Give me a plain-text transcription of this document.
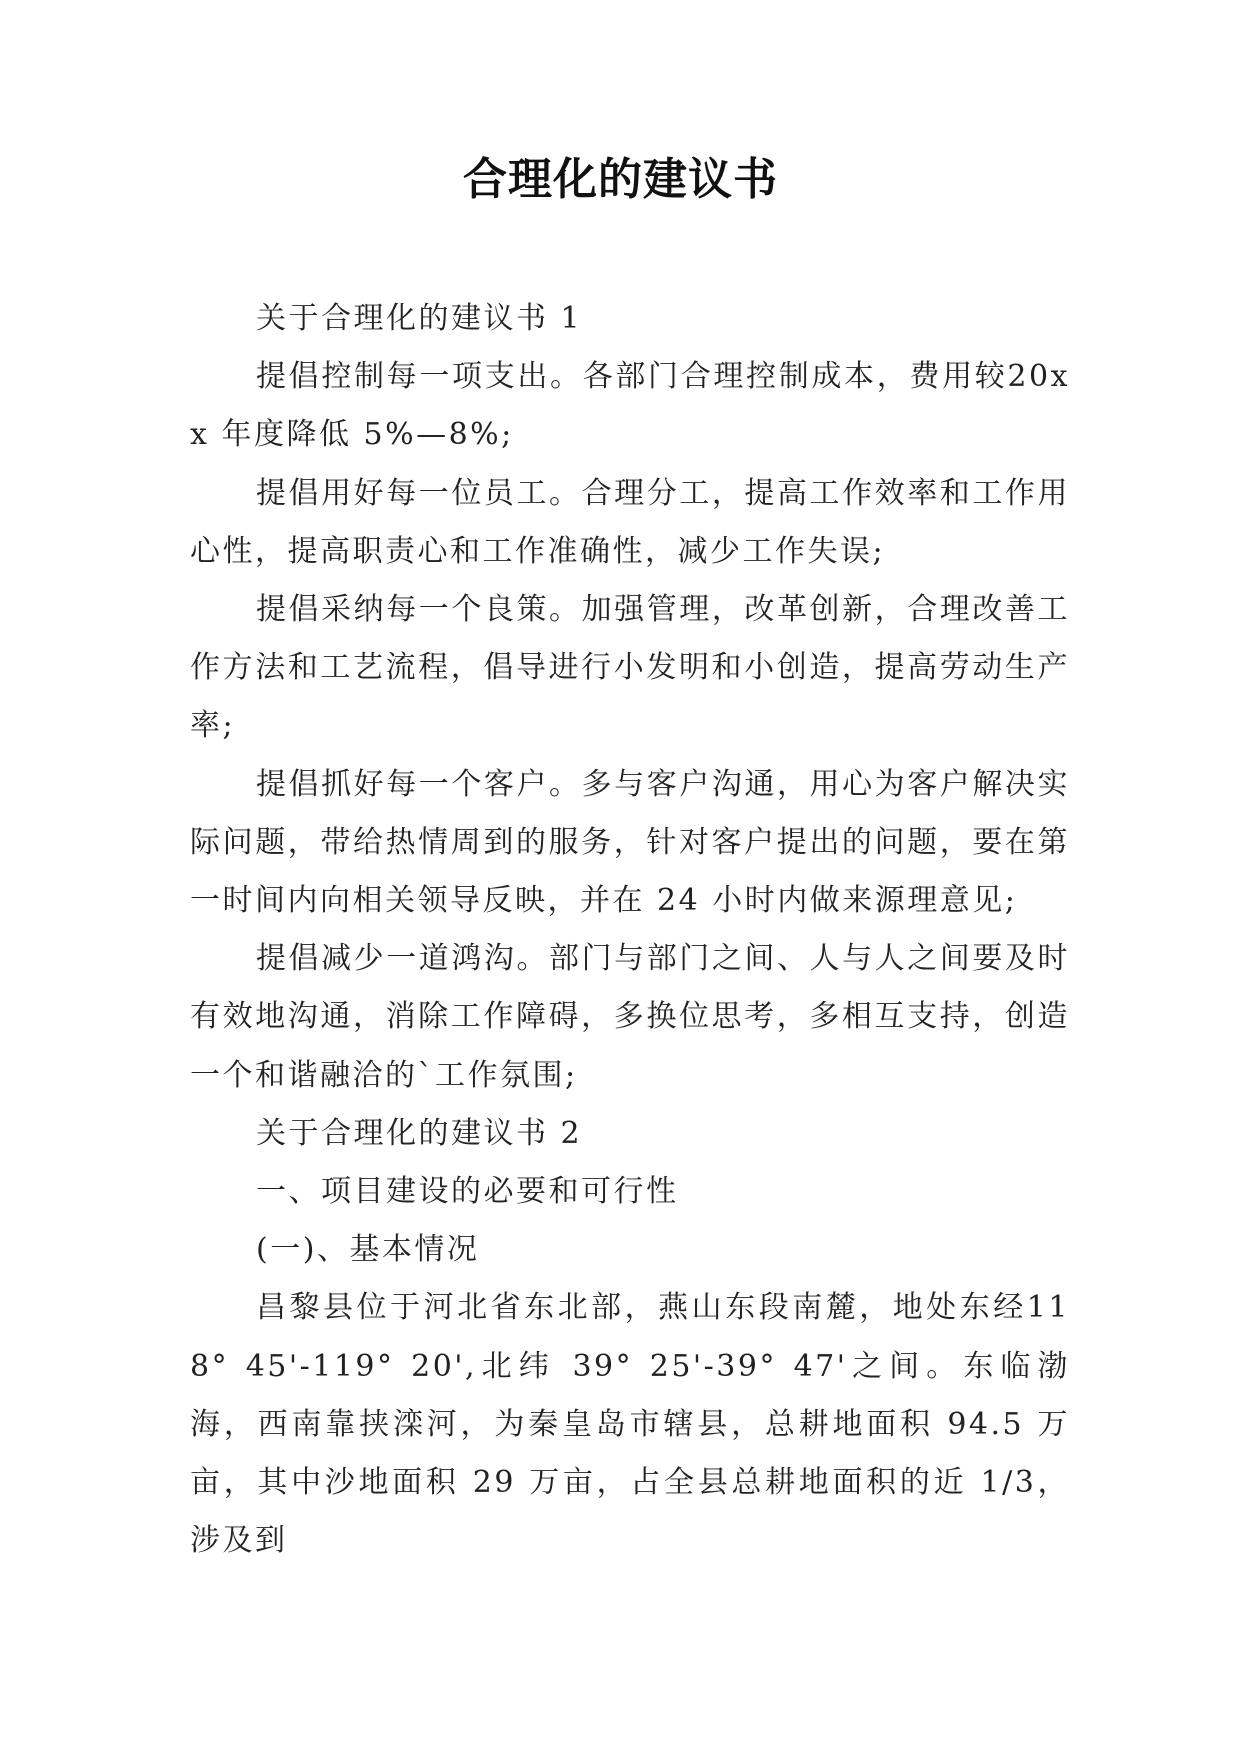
合理化的建议书

关于合理化的建议书 1

提倡控制每一项支出。各部门合理控制成本，费用较20xx 年度降低 5%—8%;

提倡用好每一位员工。合理分工，提高工作效率和工作用心性，提高职责心和工作准确性，减少工作失误;

提倡采纳每一个良策。加强管理，改革创新，合理改善工作方法和工艺流程，倡导进行小发明和小创造，提高劳动生产率;

提倡抓好每一个客户。多与客户沟通，用心为客户解决实际问题，带给热情周到的服务，针对客户提出的问题，要在第一时间内向相关领导反映，并在 24 小时内做来源理意见;

提倡减少一道鸿沟。部门与部门之间、人与人之间要及时有效地沟通，消除工作障碍，多换位思考，多相互支持，创造一个和谐融洽的`工作氛围;

关于合理化的建议书 2

一、项目建设的必要和可行性

(一)、基本情况

昌黎县位于河北省东北部，燕山东段南麓，地处东经118° 45'-119° 20',北纬 39° 25'-39° 47'之间。东临渤海，西南靠挟滦河，为秦皇岛市辖县，总耕地面积 94.5 万亩，其中沙地面积 29 万亩，占全县总耕地面积的近 1/3，涉及到
